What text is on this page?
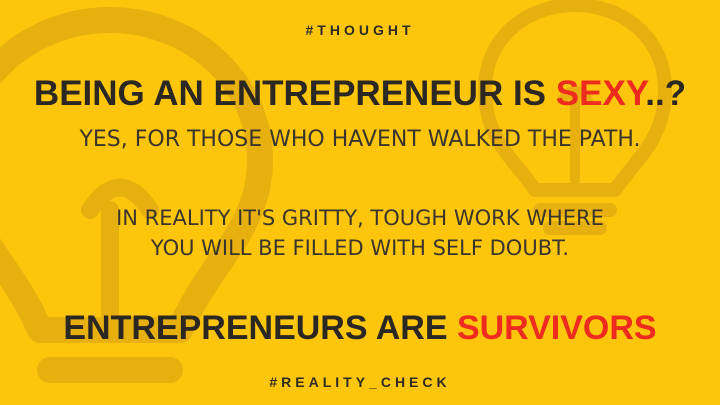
#THOUGHT
BEING AN ENTREPRENEUR IS SEXY..?
YES, FOR THOSE WHO HAVENT WALKED THE PATH.
IN REALITY IT'S GRITTY, TOUGH WORK WHERE
YOU WILL BE FILLED WITH SELF DOUBT.
ENTREPRENEURS ARE SURVIVORS
#REALITY_CHECK
